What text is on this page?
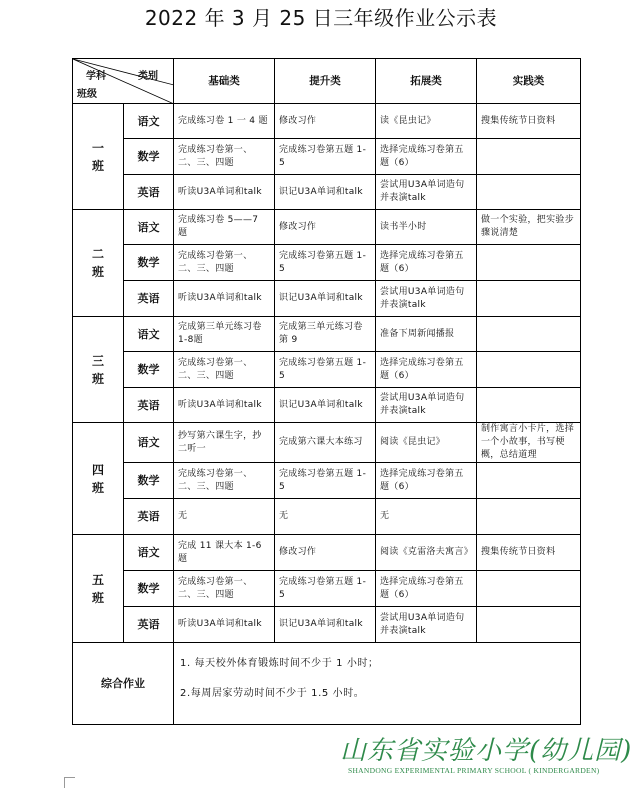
2022 年 3 月 25 日三年级作业公示表
学科 类别
班级		基础类	提升类	拓展类	实践类

一
班	语文	完成练习卷 1 一 4 题	修改习作	读《昆虫记》	搜集传统节日资料
	数学	完成练习卷第一、二、三、四题	完成练习卷第五题 1-5	选择完成练习卷第五题（6）	
	英语	听读U3A单词和talk	识记U3A单词和talk	尝试用U3A单词造句并表演talk	

二
班	语文	完成练习卷 5——7 题	修改习作	读书半小时	做一个实验，把实验步骤说清楚
	数学	完成练习卷第一、二、三、四题	完成练习卷第五题 1-5	选择完成练习卷第五题（6）	
	英语	听读U3A单词和talk	识记U3A单词和talk	尝试用U3A单词造句并表演talk	

三
班	语文	完成第三单元练习卷1-8题	完成第三单元练习卷第 9	准备下周新闻播报	
	数学	完成练习卷第一、二、三、四题	完成练习卷第五题 1-5	选择完成练习卷第五题（6）	
	英语	听读U3A单词和talk	识记U3A单词和talk	尝试用U3A单词造句并表演talk	

四
班	语文	抄写第六课生字，抄二听一	完成第六课大本练习	阅读《昆虫记》	制作寓言小卡片，选择一个小故事，书写梗概，总结道理
	数学	完成练习卷第一、二、三、四题	完成练习卷第五题 1-5	选择完成练习卷第五题（6）	
	英语	无	无	无	

五
班	语文	完成 11 课大本 1-6 题	修改习作	阅读《克雷洛夫寓言》	搜集传统节日资料
	数学	完成练习卷第一、二、三、四题	完成练习卷第五题 1-5	选择完成练习卷第五题（6）	
	英语	听读U3A单词和talk	识记U3A单词和talk	尝试用U3A单词造句并表演talk	
综合作业		1. 每天校外体育锻炼时间不少于 1 小时；
2.每周居家劳动时间不少于 1.5 小时。			
山东省实验小学(幼儿园)
SHANDONG EXPERIMENTAL PRIMARY SCHOOL ( KINDERGARDEN)
